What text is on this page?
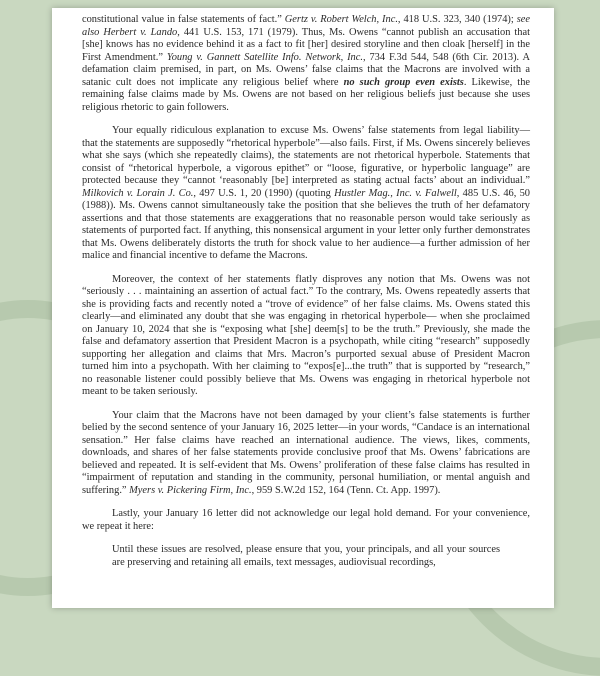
constitutional value in false statements of fact.” Gertz v. Robert Welch, Inc., 418 U.S. 323, 340 (1974); see also Herbert v. Lando, 441 U.S. 153, 171 (1979). Thus, Ms. Owens “cannot publish an accusation that [she] knows has no evidence behind it as a fact to fit [her] desired storyline and then cloak [herself] in the First Amendment.” Young v. Gannett Satellite Info. Network, Inc., 734 F.3d 544, 548 (6th Cir. 2013). A defamation claim premised, in part, on Ms. Owens’ false claims that the Macrons are involved with a satanic cult does not implicate any religious belief where no such group even exists. Likewise, the remaining false claims made by Ms. Owens are not based on her religious beliefs just because she uses religious rhetoric to gain followers.

Your equally ridiculous explanation to excuse Ms. Owens’ false statements from legal liability—that the statements are supposedly “rhetorical hyperbole”—also fails. First, if Ms. Owens sincerely believes what she says (which she repeatedly claims), the statements are not rhetorical hyperbole. Statements that consist of “rhetorical hyperbole, a vigorous epithet” or “loose, figurative, or hyperbolic language” are protected because they “cannot ‘reasonably [be] interpreted as stating actual facts’ about an individual.” Milkovich v. Lorain J. Co., 497 U.S. 1, 20 (1990) (quoting Hustler Mag., Inc. v. Falwell, 485 U.S. 46, 50 (1988)). Ms. Owens cannot simultaneously take the position that she believes the truth of her defamatory assertions and that those statements are exaggerations that no reasonable person would take seriously as statements of purported fact. If anything, this nonsensical argument in your letter only further demonstrates that Ms. Owens deliberately distorts the truth for shock value to her audience—a further admission of her malice and financial incentive to defame the Macrons.

Moreover, the context of her statements flatly disproves any notion that Ms. Owens was not “seriously . . . maintaining an assertion of actual fact.” To the contrary, Ms. Owens repeatedly asserts that she is providing facts and recently noted a “trove of evidence” of her false claims. Ms. Owens stated this clearly—and eliminated any doubt that she was engaging in rhetorical hyperbole— when she proclaimed on January 10, 2024 that she is “exposing what [she] deem[s] to be the truth.” Previously, she made the false and defamatory assertion that President Macron is a psychopath, while citing “research” supposedly supporting her allegation and claims that Mrs. Macron’s purported sexual abuse of President Macron turned him into a psychopath. With her claiming to “expos[e]...the truth” that is supported by “research,” no reasonable listener could possibly believe that Ms. Owens was engaging in rhetorical hyperbole not meant to be taken seriously.

Your claim that the Macrons have not been damaged by your client’s false statements is further belied by the second sentence of your January 16, 2025 letter—in your words, “Candace is an international sensation.” Her false claims have reached an international audience. The views, likes, comments, downloads, and shares of her false statements provide conclusive proof that Ms. Owens’ fabrications are believed and repeated. It is self-evident that Ms. Owens’ proliferation of these false claims has resulted in “impairment of reputation and standing in the community, personal humiliation, or mental anguish and suffering.” Myers v. Pickering Firm, Inc., 959 S.W.2d 152, 164 (Tenn. Ct. App. 1997).

Lastly, your January 16 letter did not acknowledge our legal hold demand. For your convenience, we repeat it here:

Until these issues are resolved, please ensure that you, your principals, and all your sources are preserving and retaining all emails, text messages, audiovisual recordings,
